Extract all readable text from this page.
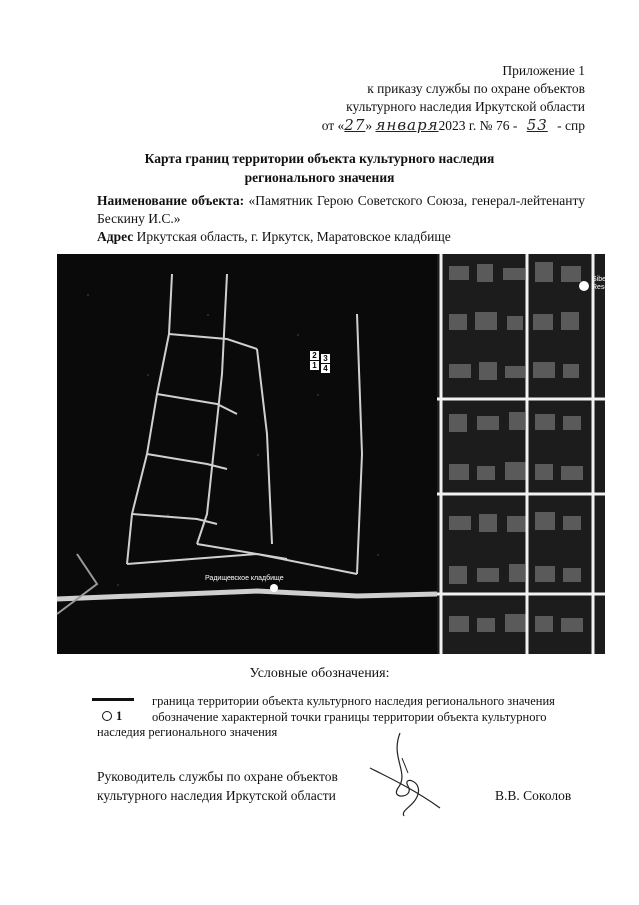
Приложение 1
к приказу службы по охране объектов
культурного наследия Иркутской области
от «27» января2023 г. № 76 - 53 - спр
Карта границ территории объекта культурного наследия
регионального значения
Наименование объекта: «Памятник Герою Советского Союза, генерал-лейтенанту Бескину И.С.»
Адрес Иркутская область, г. Иркутск, Маратовское кладбище
Siber Rese
Радищевское кладбище
2 3
1 4
Условные обозначения:
граница территории объекта культурного наследия регионального значения
1 обозначение характерной точки границы территории объекта культурного
наследия регионального значения
Руководитель службы по охране объектов
культурного наследия Иркутской области	В.В. Соколов
